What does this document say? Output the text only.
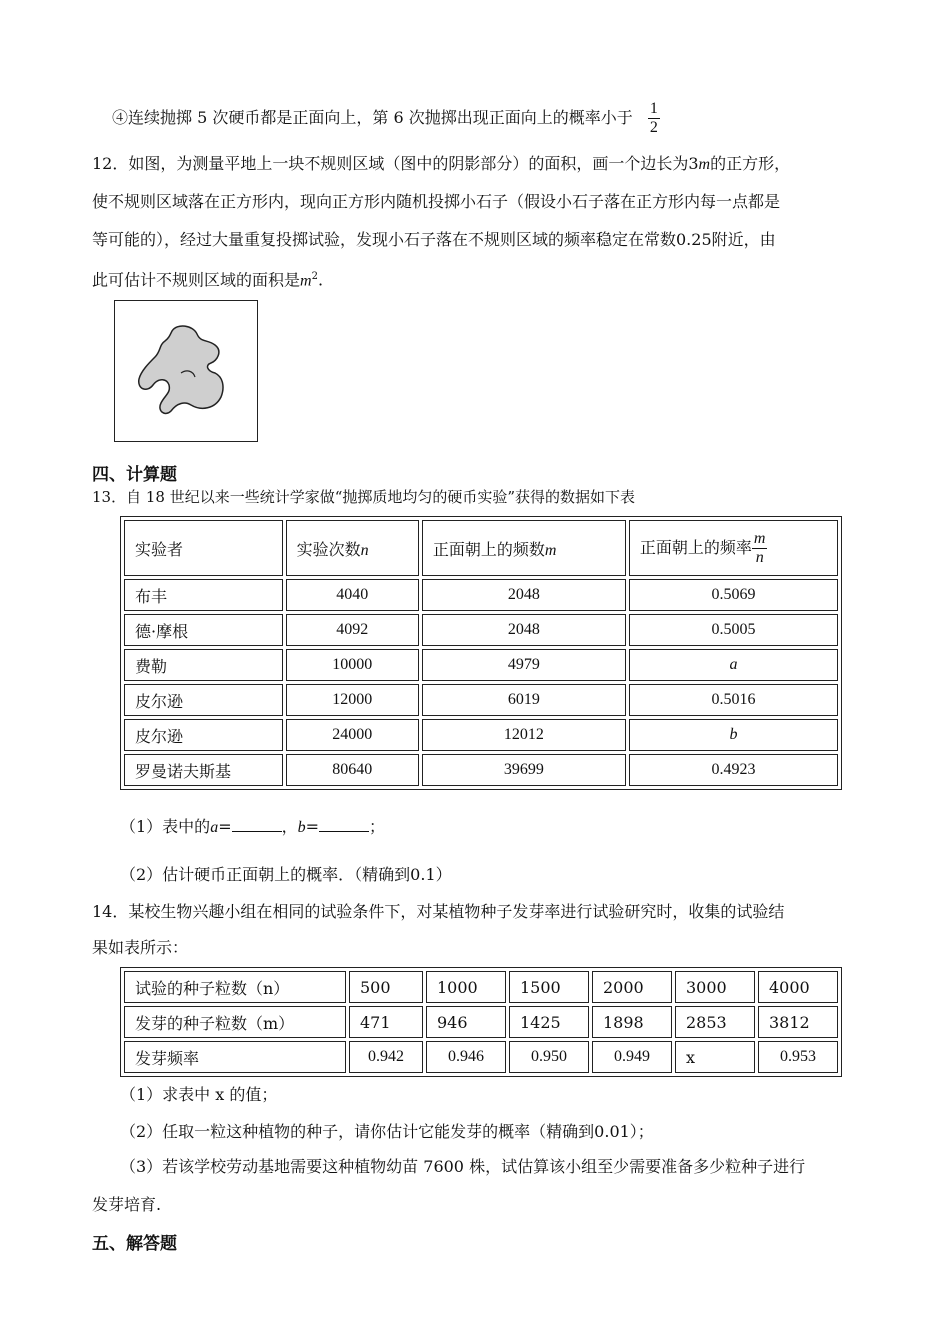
④连续抛掷 5 次硬币都是正面向上，第 6 次抛掷出现正面向上的概率小于 $\frac{1}{2}$
12．如图，为测量平地上一块不规则区域（图中的阴影部分）的面积，画一个边长为3m的正方形，
使不规则区域落在正方形内，现向正方形内随机投掷小石子（假设小石子落在正方形内每一点都是
等可能的），经过大量重复投掷试验，发现小石子落在不规则区域的频率稳定在常数0.25附近，由
此可估计不规则区域的面积是$m^2$.
四、计算题
13．自 18 世纪以来一些统计学家做“抛掷质地均匀的硬币实验”获得的数据如下表
实验者	实验次数n	正面朝上的频数m	正面朝上的频率 $\frac{m}{n}$

布丰	4040	2048	0.5069
德·摩根	4092	2048	0.5005
费勒	10000	4979	a
皮尔逊	12000	6019	0.5016
皮尔逊	24000	12012	b
罗曼诺夫斯基	80640	39699	0.4923
（1）表中的a=	，b=	；
（2）估计硬币正面朝上的概率．（精确到0.1）
14．某校生物兴趣小组在相同的试验条件下，对某植物种子发芽率进行试验研究时，收集的试验结
果如表所示：
试验的种子粒数（n）	500	1000	1500	2000	3000	4000
发芽的种子粒数（m）	471	946	1425	1898	2853	3812
发芽频率	0.942	0.946	0.950	0.949	x	0.953
（1）求表中 x 的值；
（2）任取一粒这种植物的种子，请你估计它能发芽的概率（精确到0.01）；
（3）若该学校劳动基地需要这种植物幼苗 7600 株，试估算该小组至少需要准备多少粒种子进行
发芽培育.
五、解答题
